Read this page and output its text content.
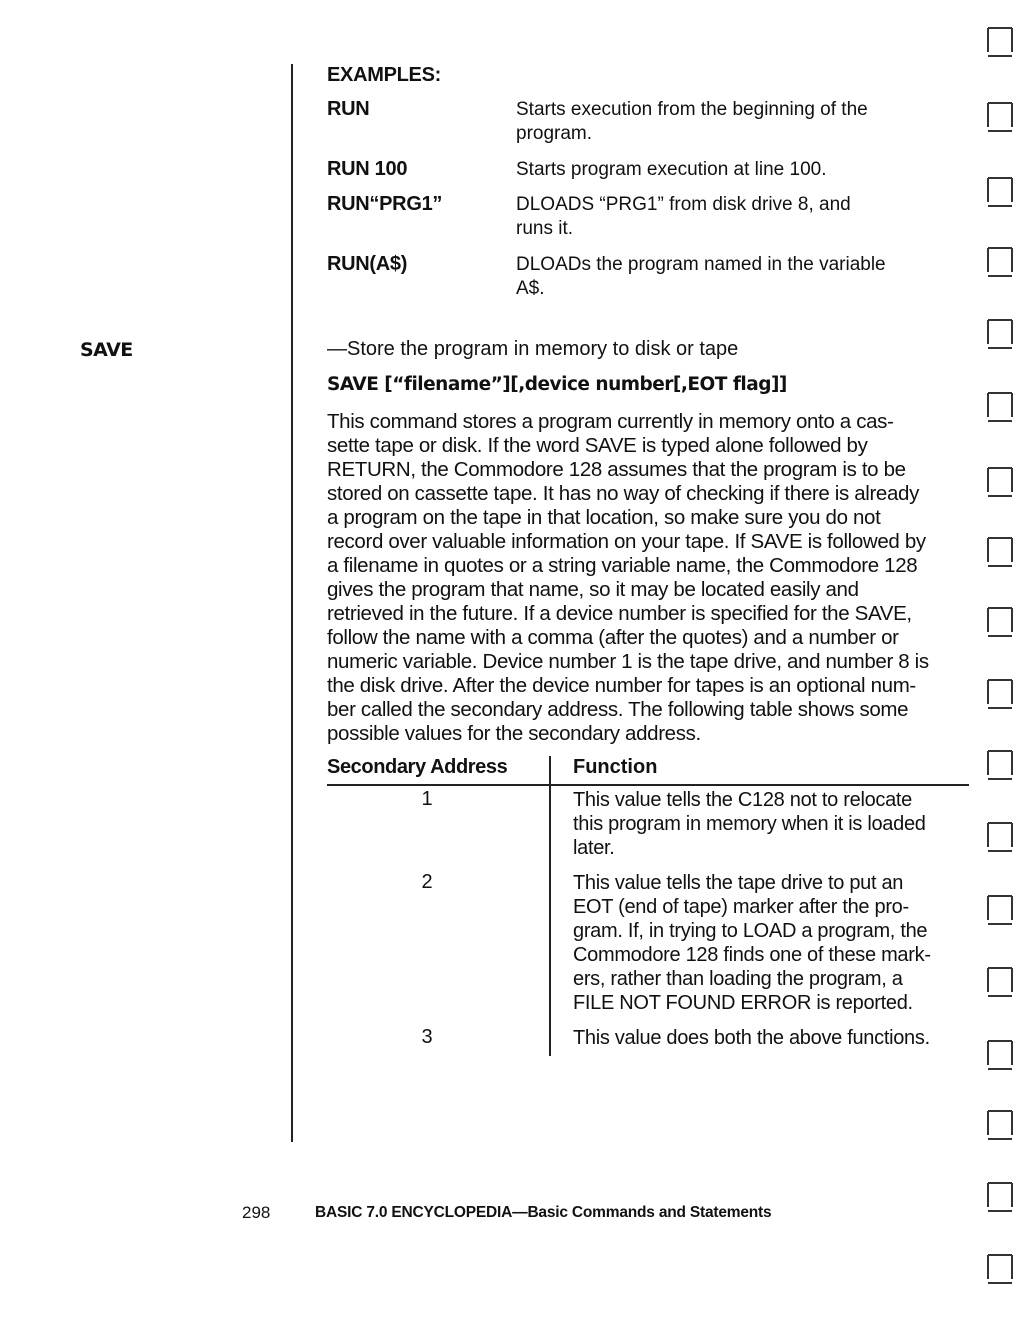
EXAMPLES:
RUN	Starts execution from the beginning of the
program.
RUN 100	Starts program execution at line 100.
RUN“PRG1”	DLOADS “PRG1” from disk drive 8, and
runs it.
RUN(A$)	DLOADs the program named in the variable
A$.
SAVE	—Store the program in memory to disk or tape
SAVE [“filename”][,device number[,EOT flag]]
This command stores a program currently in memory onto a cas-
sette tape or disk. If the word SAVE is typed alone followed by
RETURN, the Commodore 128 assumes that the program is to be
stored on cassette tape. It has no way of checking if there is already
a program on the tape in that location, so make sure you do not
record over valuable information on your tape. If SAVE is followed by
a filename in quotes or a string variable name, the Commodore 128
gives the program that name, so it may be located easily and
retrieved in the future. If a device number is specified for the SAVE,
follow the name with a comma (after the quotes) and a number or
numeric variable. Device number 1 is the tape drive, and number 8 is
the disk drive. After the device number for tapes is an optional num-
ber called the secondary address. The following table shows some
possible values for the secondary address.
Secondary Address	Function
1	This value tells the C128 not to relocate
this program in memory when it is loaded
later.
2	This value tells the tape drive to put an
EOT (end of tape) marker after the pro-
gram. If, in trying to LOAD a program, the
Commodore 128 finds one of these mark-
ers, rather than loading the program, a
FILE NOT FOUND ERROR is reported.
3	This value does both the above functions.
298	BASIC 7.0 ENCYCLOPEDIA—Basic Commands and Statements
